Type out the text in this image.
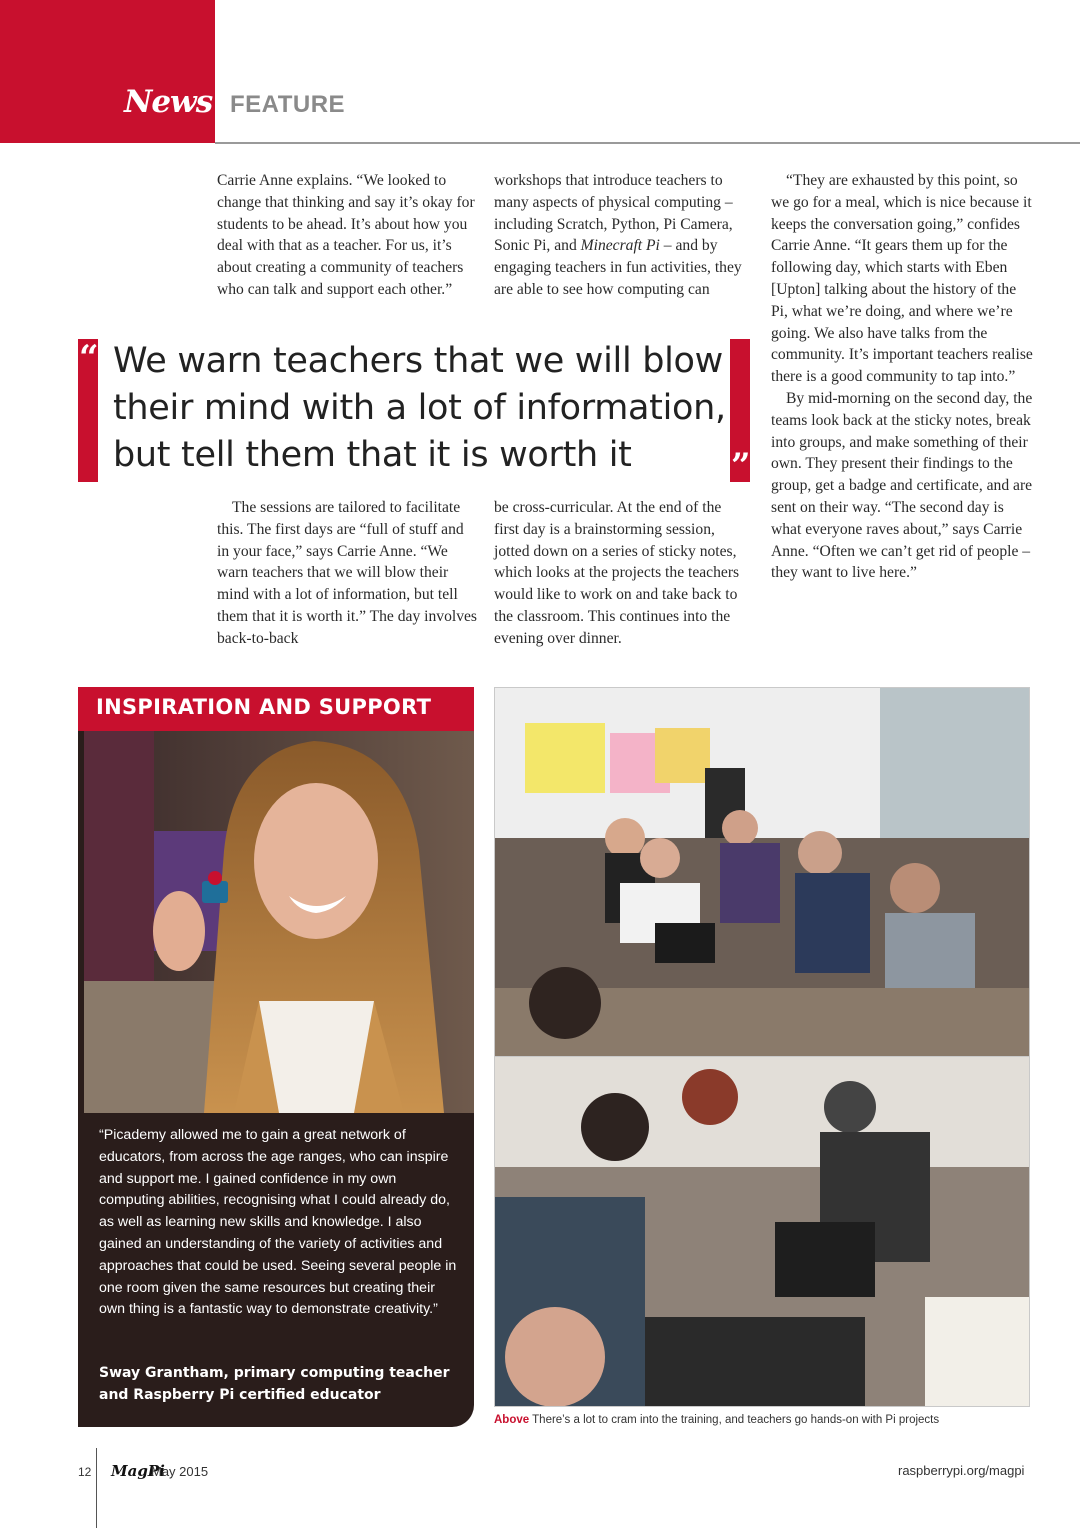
News FEATURE

Carrie Anne explains. “We looked to change that thinking and say it’s okay for students to be ahead. It’s about how you deal with that as a teacher. For us, it’s about creating a community of teachers who can talk and support each other.”

workshops that introduce teachers to many aspects of physical computing – including Scratch, Python, Pi Camera, Sonic Pi, and Minecraft Pi – and by engaging teachers in fun activities, they are able to see how computing can

“They are exhausted by this point, so we go for a meal, which is nice because it keeps the conversation going,” confides Carrie Anne. “It gears them up for the following day, which starts with Eben [Upton] talking about the history of the Pi, what we’re doing, and where we’re going. We also have talks from the community. It’s important teachers realise there is a good community to tap into.”

By mid-morning on the second day, the teams look back at the sticky notes, break into groups, and make something of their own. They present their findings to the group, get a badge and certificate, and are sent on their way. “The second day is what everyone raves about,” says Carrie Anne. “Often we can’t get rid of people – they want to live here.”

“
”
We warn teachers that we will blow their mind with a lot of information, but tell them that it is worth it

The sessions are tailored to facilitate this. The first days are “full of stuff and in your face,” says Carrie Anne. “We warn teachers that we will blow their mind with a lot of information, but tell them that it is worth it.” The day involves back-to-back

be cross-curricular. At the end of the first day is a brainstorming session, jotted down on a series of sticky notes, which looks at the projects the teachers would like to work on and take back to the classroom. This continues into the evening over dinner.

INSPIRATION AND SUPPORT
“Picademy allowed me to gain a great network of educators, from across the age ranges, who can inspire and support me. I gained confidence in my own computing abilities, recognising what I could already do, as well as learning new skills and knowledge. I also gained an understanding of the variety of activities and approaches that could be used. Seeing several people in one room given the same resources but creating their own thing is a fantastic way to demonstrate creativity.”
Sway Grantham, primary computing teacher and Raspberry Pi certified educator
Above There’s a lot to cram into the training, and teachers go hands-on with Pi projects
12 MagPi
May 2015	raspberrypi.org/magpi
